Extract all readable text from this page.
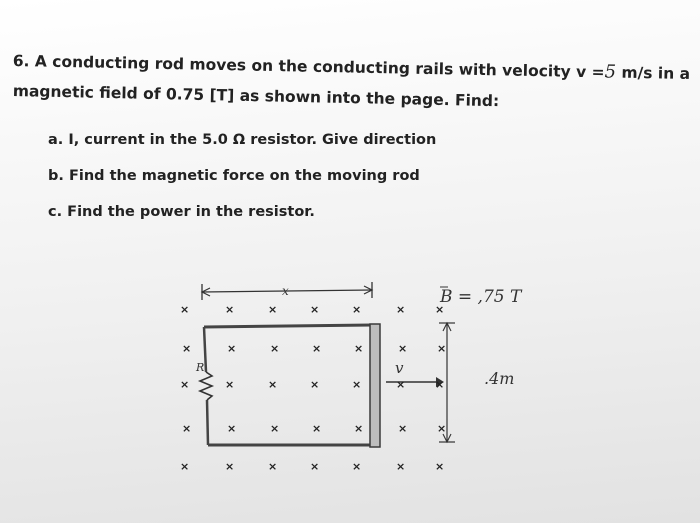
6. A conducting rod moves on the conducting rails with velocity v =5 m/s in a
magnetic field of 0.75 [T] as shown into the page. Find:
a. I, current in the 5.0 Ω resistor. Give direction
b. Find the magnetic force on the moving rod
c. Find the power in the resistor.
x	B = ,75 T
R	v
.4m
×	×	×	×	×	×	×
×	×	×	×	×	×	×
×	×	×	×	×	×	×
×	×	×	×	×	×	×
×	×	×	×	×	×	×
